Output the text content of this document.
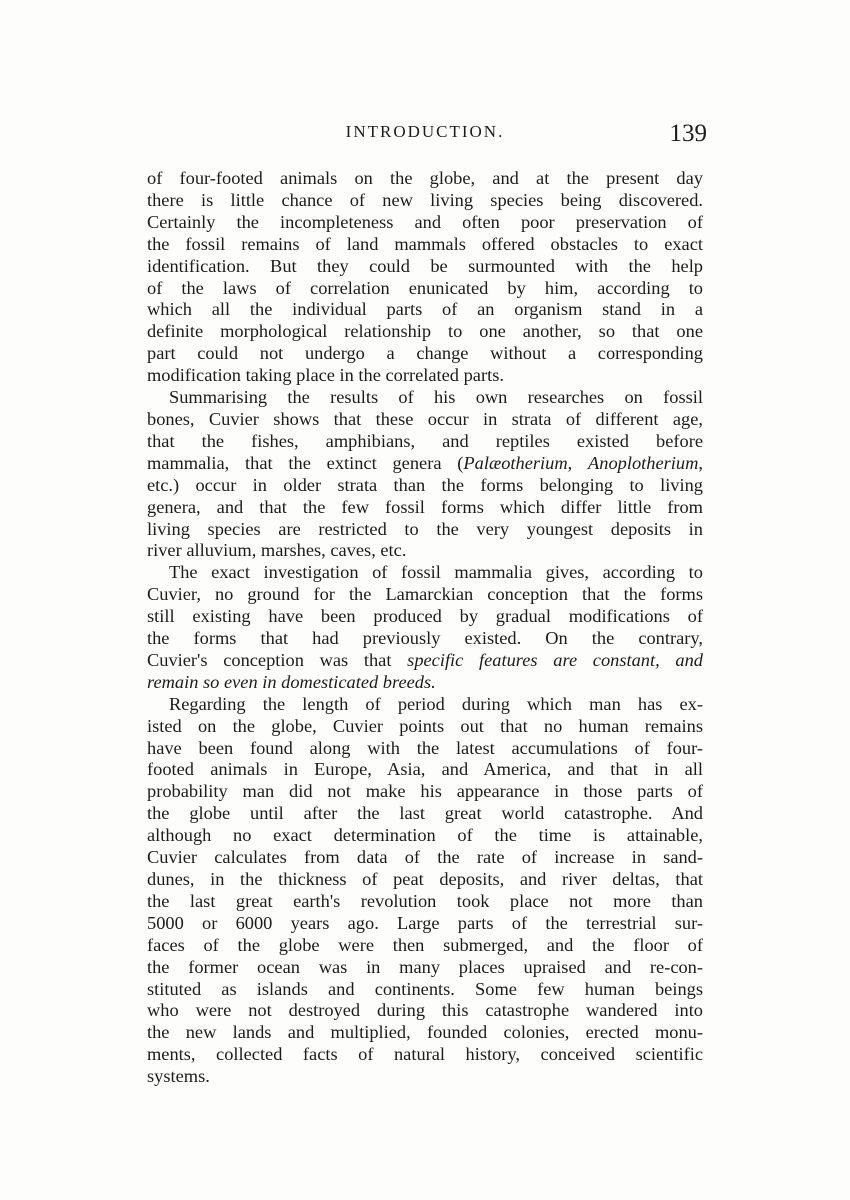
INTRODUCTION.	139

of four-footed animals on the globe, and at the present day
there is little chance of new living species being discovered.
Certainly the incompleteness and often poor preservation of
the fossil remains of land mammals offered obstacles to exact
identification. But they could be surmounted with the help
of the laws of correlation enunicated by him, according to
which all the individual parts of an organism stand in a
definite morphological relationship to one another, so that one
part could not undergo a change without a corresponding
modification taking place in the correlated parts.

Summarising the results of his own researches on fossil
bones, Cuvier shows that these occur in strata of different age,
that the fishes, amphibians, and reptiles existed before
mammalia, that the extinct genera (Palæotherium, Anoplotherium,
etc.) occur in older strata than the forms belonging to living
genera, and that the few fossil forms which differ little from
living species are restricted to the very youngest deposits in
river alluvium, marshes, caves, etc.

The exact investigation of fossil mammalia gives, according to
Cuvier, no ground for the Lamarckian conception that the forms
still existing have been produced by gradual modifications of
the forms that had previously existed. On the contrary,
Cuvier's conception was that specific features are constant, and
remain so even in domesticated breeds.

Regarding the length of period during which man has ex-
isted on the globe, Cuvier points out that no human remains
have been found along with the latest accumulations of four-
footed animals in Europe, Asia, and America, and that in all
probability man did not make his appearance in those parts of
the globe until after the last great world catastrophe. And
although no exact determination of the time is attainable,
Cuvier calculates from data of the rate of increase in sand-
dunes, in the thickness of peat deposits, and river deltas, that
the last great earth's revolution took place not more than
5000 or 6000 years ago. Large parts of the terrestrial sur-
faces of the globe were then submerged, and the floor of
the former ocean was in many places upraised and re-con-
stituted as islands and continents. Some few human beings
who were not destroyed during this catastrophe wandered into
the new lands and multiplied, founded colonies, erected monu-
ments, collected facts of natural history, conceived scientific
systems.
